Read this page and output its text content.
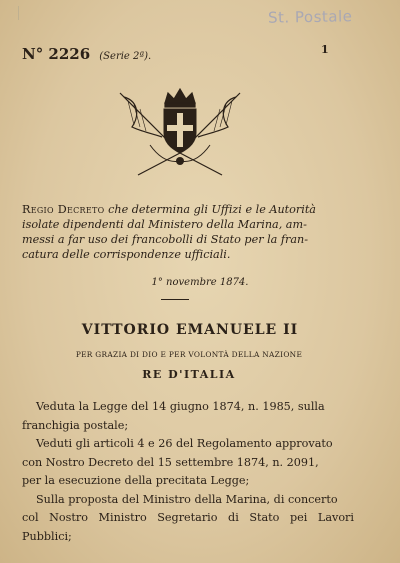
St. Postale
N° 2226 (Serie 2ª).
1
Regio Decreto che determina gli Uffizi e le Autorità
isolate dipendenti dal Ministero della Marina, am-
messi a far uso dei francobolli di Stato per la fran-
catura delle corrispondenze ufficiali.
1° novembre 1874.
VITTORIO EMANUELE II
PER GRAZIA DI DIO E PER VOLONTÀ DELLA NAZIONE
RE D'ITALIA
Veduta la Legge del 14 giugno 1874, n. 1985, sulla
franchigia postale;
Veduti gli articoli 4 e 26 del Regolamento approvato
con Nostro Decreto del 15 settembre 1874, n. 2091,
per la esecuzione della precitata Legge;
Sulla proposta del Ministro della Marina, di concerto
col Nostro Ministro Segretario di Stato pei Lavori Pubblici;
